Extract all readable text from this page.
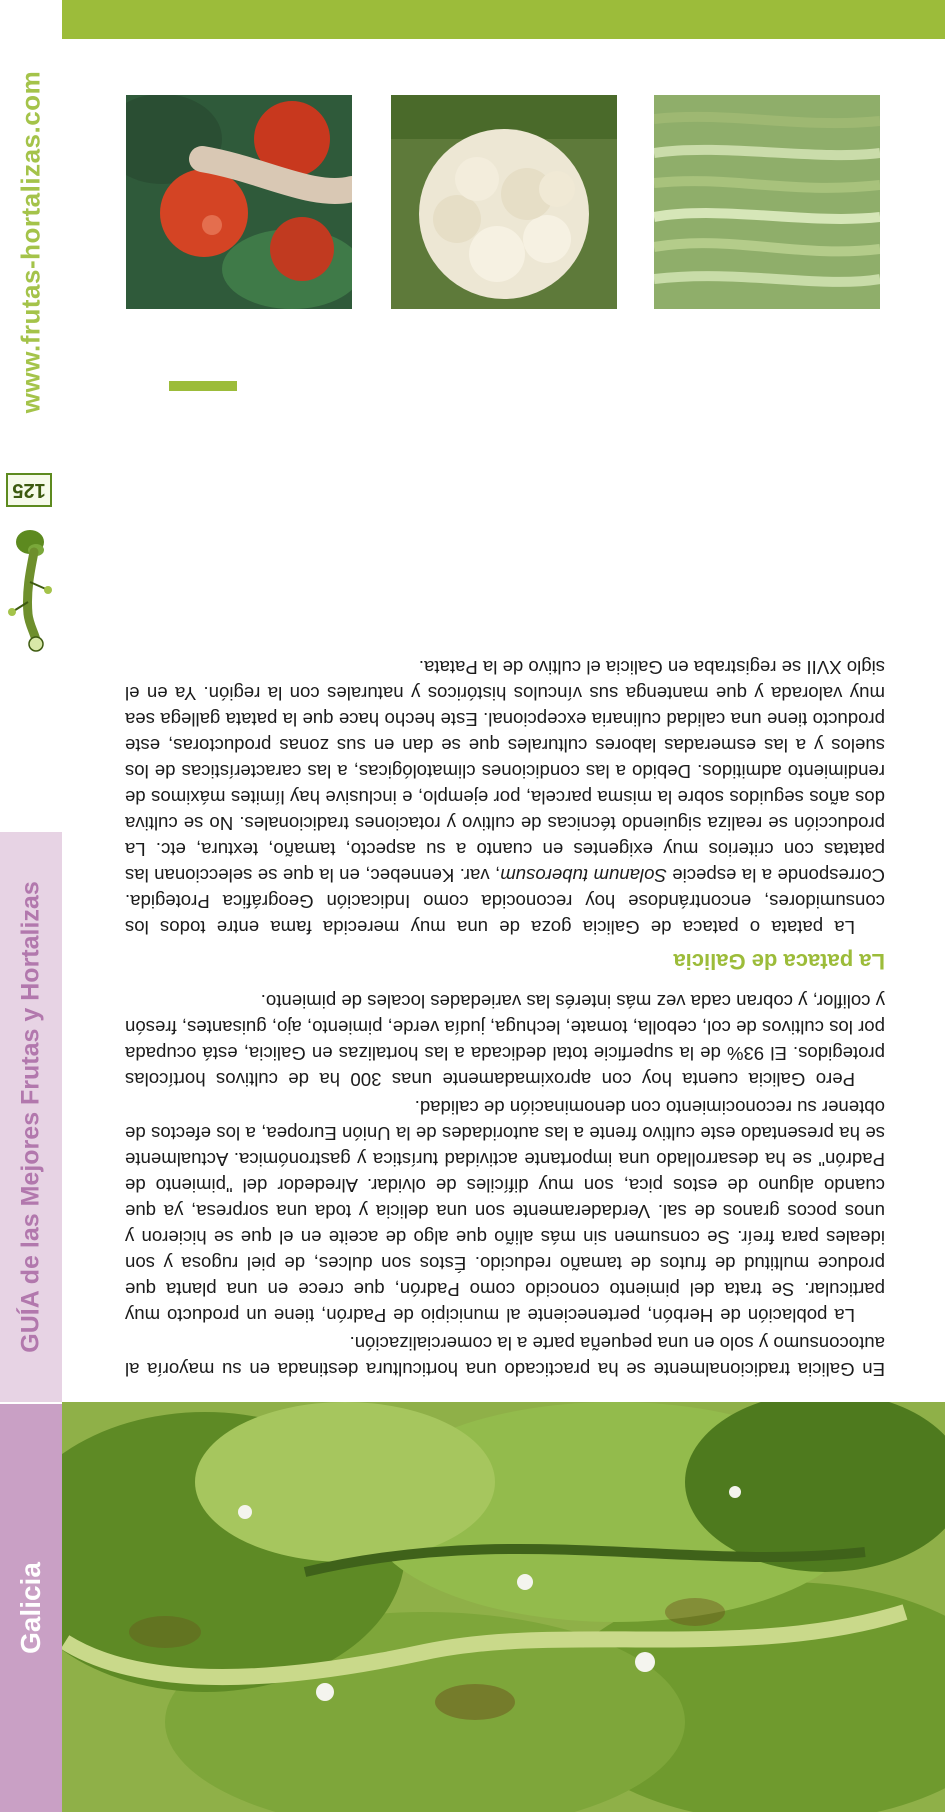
Galicia
GUÍA de las Mejores Frutas y Hortalizas
125
www.frutas-hortalizas.com

En Galicia tradicionalmente se ha practicado una horticultura destinada en su mayoría al autoconsumo y solo en una pequeña parte a la comercialización.

La población de Herbón, perteneciente al municipio de Padrón, tiene un producto muy particular. Se trata del pimiento conocido como Padrón, que crece en una planta que produce multitud de frutos de tamaño reducido. Éstos son dulces, de piel rugosa y son ideales para freír. Se consumen sin más aliño que algo de aceite en el que se hicieron y unos pocos granos de sal. Verdaderamente son una delicia y toda una sorpresa, ya que cuando alguno de estos pica, son muy difíciles de olvidar. Alrededor del "pimiento de Padrón" se ha desarrollado una importante actividad turística y gastronómica. Actualmente se ha presentado este cultivo frente a las autoridades de la Unión Europea, a los efectos de obtener su reconocimiento con denominación de calidad.

Pero Galicia cuenta hoy con aproximadamente unas 300 ha de cultivos hortícolas protegidos. El 93% de la superficie total dedicada a las hortalizas en Galicia, está ocupada por los cultivos de col, cebolla, tomate, lechuga, judía verde, pimiento, ajo, guisantes, fresón y coliflor, y cobran cada vez más interés las variedades locales de pimiento.

La pataca de Galicia

La patata o pataca de Galicia goza de una muy merecida fama entre todos los consumidores, encontrándose hoy reconocida como Indicación Geográfica Protegida. Corresponde a la especie Solanum tuberosum, var. Kennebec, en la que se seleccionan las patatas con criterios muy exigentes en cuanto a su aspecto, tamaño, textura, etc. La producción se realiza siguiendo técnicas de cultivo y rotaciones tradicionales. No se cultiva dos años seguidos sobre la misma parcela, por ejemplo, e inclusive hay límites máximos de rendimiento admitidos. Debido a las condiciones climatológicas, a las características de los suelos y a las esmeradas labores culturales que se dan en sus zonas productoras, este producto tiene una calidad culinaria excepcional. Este hecho hace que la patata gallega sea muy valorada y que mantenga sus vínculos históricos y naturales con la región. Ya en el siglo XVII se registraba en Galicia el cultivo de la Patata.
